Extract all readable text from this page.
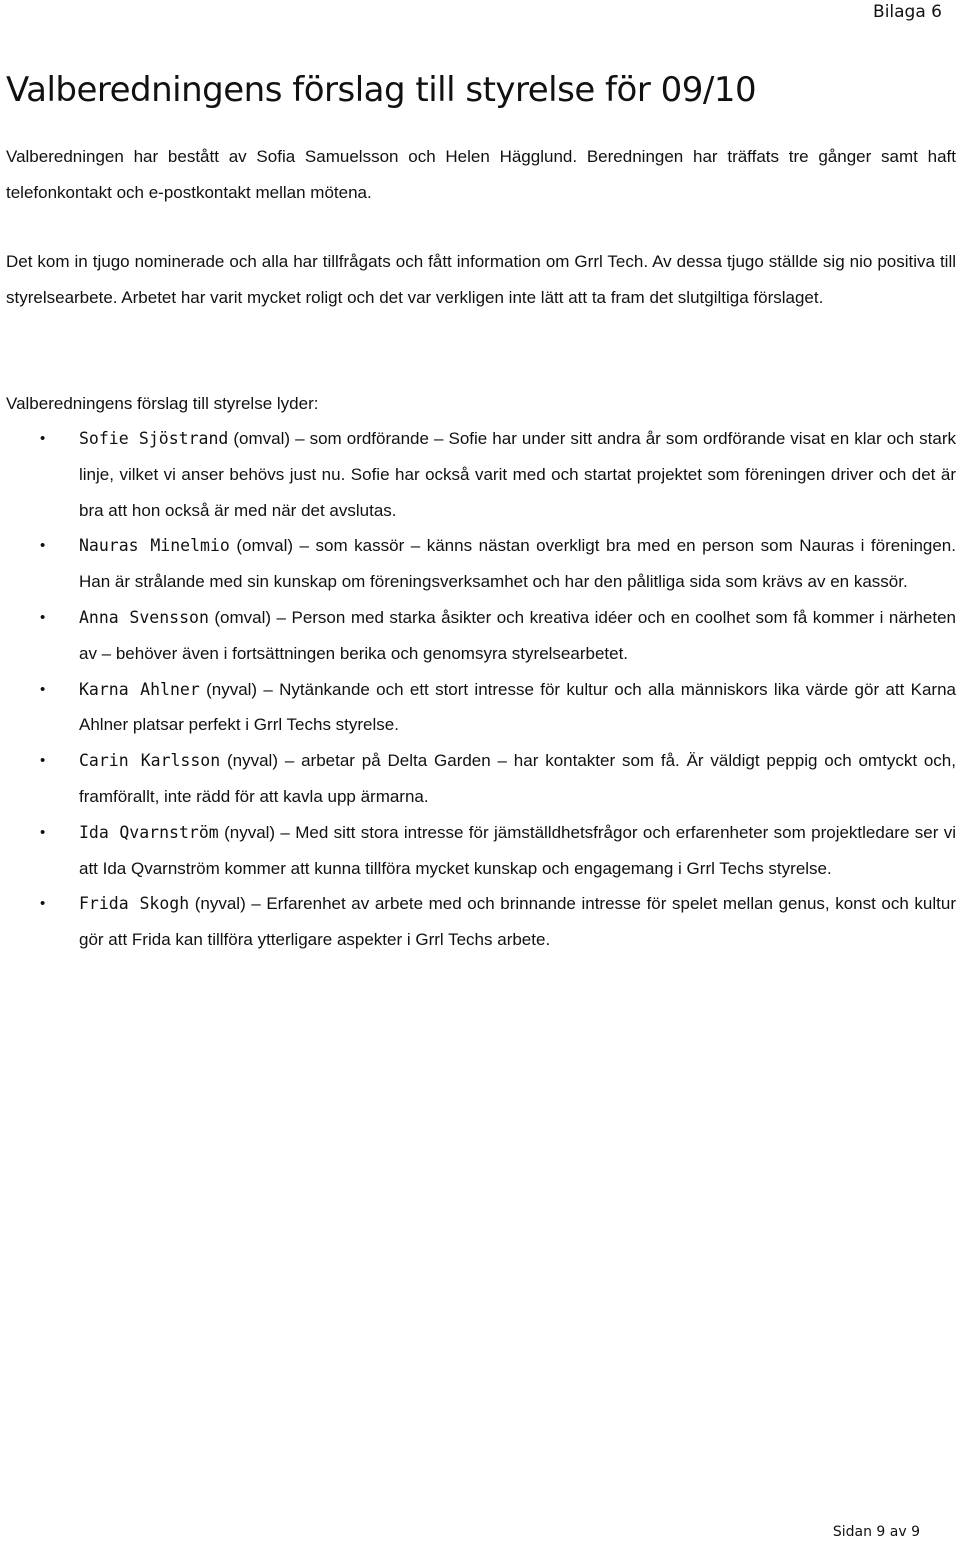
Bilaga 6
Valberedningens förslag till styrelse för 09/10

Valberedningen har bestått av Sofia Samuelsson och Helen Hägglund. Beredningen har träffats tre gånger samt haft telefonkontakt och e-postkontakt mellan mötena.

Det kom in tjugo nominerade och alla har tillfrågats och fått information om Grrl Tech. Av dessa tjugo ställde sig nio positiva till styrelsearbete. Arbetet har varit mycket roligt och det var verkligen inte lätt att ta fram det slutgiltiga förslaget.

Valberedningens förslag till styrelse lyder:

• Sofie Sjöstrand (omval) – som ordförande – Sofie har under sitt andra år som ordförande visat en klar och stark linje, vilket vi anser behövs just nu. Sofie har också varit med och startat projektet som föreningen driver och det är bra att hon också är med när det avslutas.
• Nauras Minelmio (omval) – som kassör – känns nästan overkligt bra med en person som Nauras i föreningen. Han är strålande med sin kunskap om föreningsverksamhet och har den pålitliga sida som krävs av en kassör.
• Anna Svensson (omval) – Person med starka åsikter och kreativa idéer och en coolhet som få kommer i närheten av – behöver även i fortsättningen berika och genomsyra styrelsearbetet.
• Karna Ahlner (nyval) – Nytänkande och ett stort intresse för kultur och alla människors lika värde gör att Karna Ahlner platsar perfekt i Grrl Techs styrelse.
• Carin Karlsson (nyval) – arbetar på Delta Garden – har kontakter som få. Är väldigt peppig och omtyckt och, framförallt, inte rädd för att kavla upp ärmarna.
• Ida Qvarnström (nyval) – Med sitt stora intresse för jämställdhetsfrågor och erfarenheter som projektledare ser vi att Ida Qvarnström kommer att kunna tillföra mycket kunskap och engagemang i Grrl Techs styrelse.
• Frida Skogh (nyval) – Erfarenhet av arbete med och brinnande intresse för spelet mellan genus, konst och kultur gör att Frida kan tillföra ytterligare aspekter i Grrl Techs arbete.
Sidan 9 av 9
